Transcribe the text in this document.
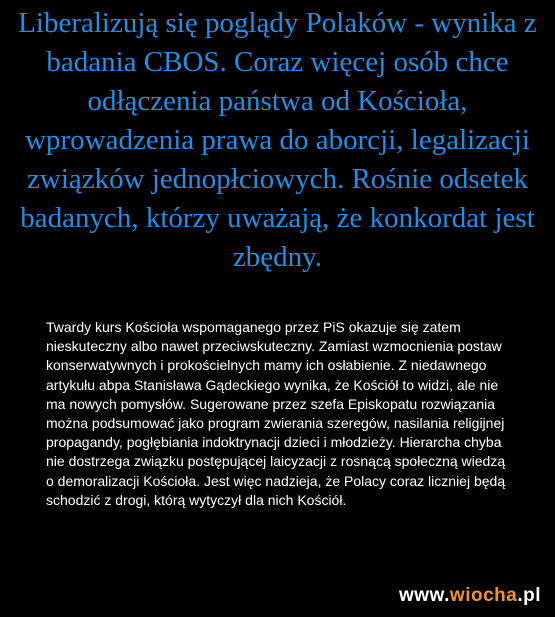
Liberalizują się poglądy Polaków - wynika z badania CBOS. Coraz więcej osób chce odłączenia państwa od Kościoła, wprowadzenia prawa do aborcji, legalizacji związków jednopłciowych. Rośnie odsetek badanych, którzy uważają, że konkordat jest zbędny.

Twardy kurs Kościoła wspomaganego przez PiS okazuje się zatem nieskuteczny albo nawet przeciwskuteczny. Zamiast wzmocnienia postaw konserwatywnych i prokościelnych mamy ich osłabienie. Z niedawnego artykułu abpa Stanisława Gądeckiego wynika, że Kościół to widzi, ale nie ma nowych pomysłów. Sugerowane przez szefa Episkopatu rozwiązania można podsumować jako program zwierania szeregów, nasilania religijnej propagandy, pogłębiania indoktrynacji dzieci i młodzieży. Hierarcha chyba nie dostrzega związku postępującej laicyzacji z rosnącą społeczną wiedzą o demoralizacji Kościoła. Jest więc nadzieja, że Polacy coraz liczniej będą schodzić z drogi, którą wytyczył dla nich Kościół.

www.wiocha.pl
